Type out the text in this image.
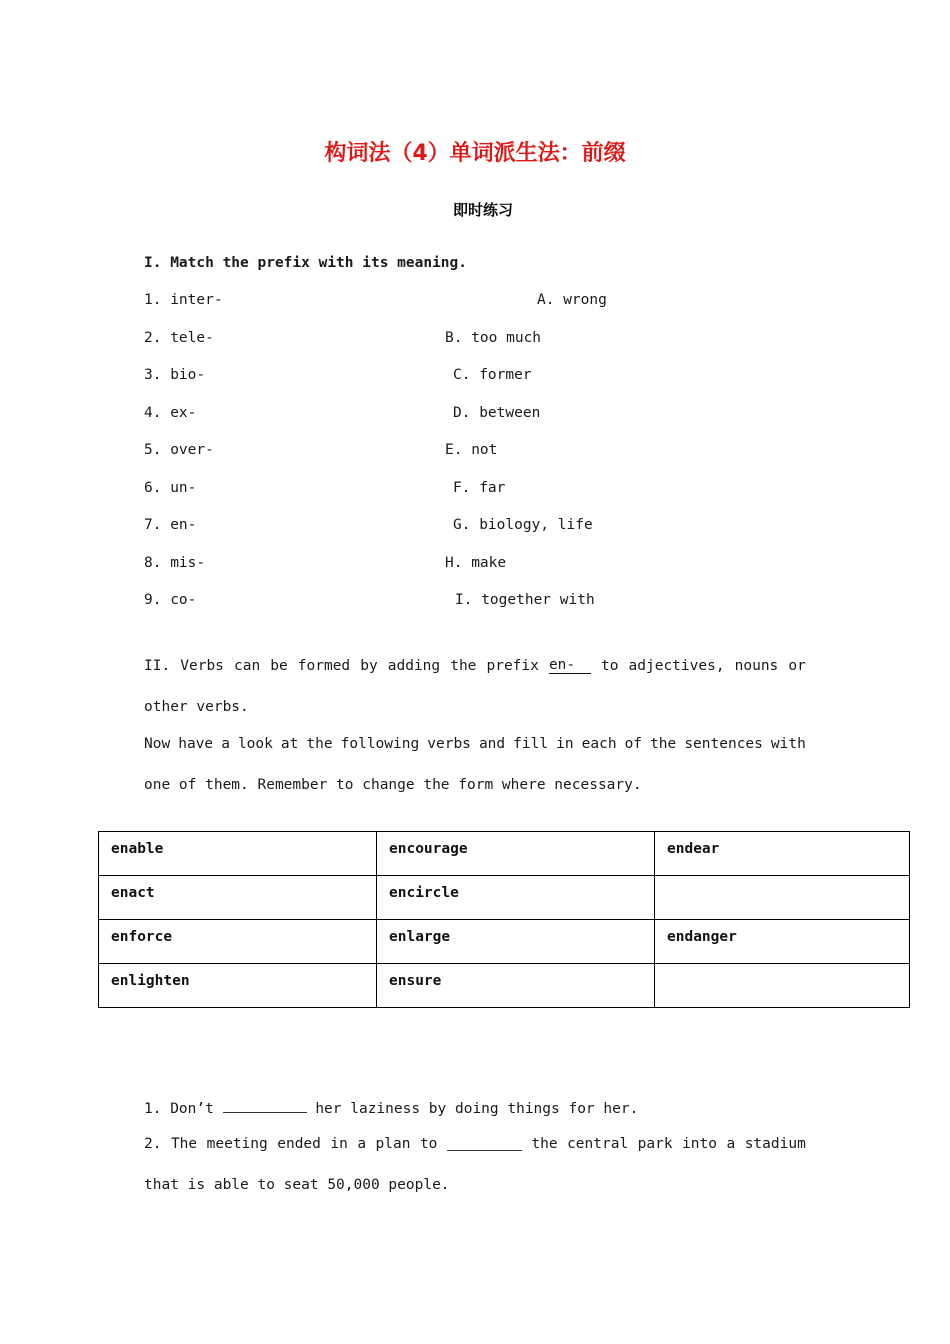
构词法（4）单词派生法：前缀
即时练习
I. Match the prefix with its meaning.
1. inter-	A. wrong
2. tele-	B. too much
3. bio-	C. former
4. ex-	D. between
5. over-	E. not
6. un-	F. far
7. en-	G. biology, life
8. mis-	H. make
9. co-	I. together with
II. Verbs can be formed by adding the prefix en-	to adjectives, nouns or
other verbs.
Now have a look at the following verbs and fill in each of the sentences with
one of them. Remember to change the form where necessary.
enable	encourage	endear
enact	encircle	
enforce	enlarge	endanger
enlighten	ensure	
1. Don’t	her laziness by doing things for her.
2. The meeting ended in a plan to	the central park into a stadium
that is able to seat 50,000 people.
